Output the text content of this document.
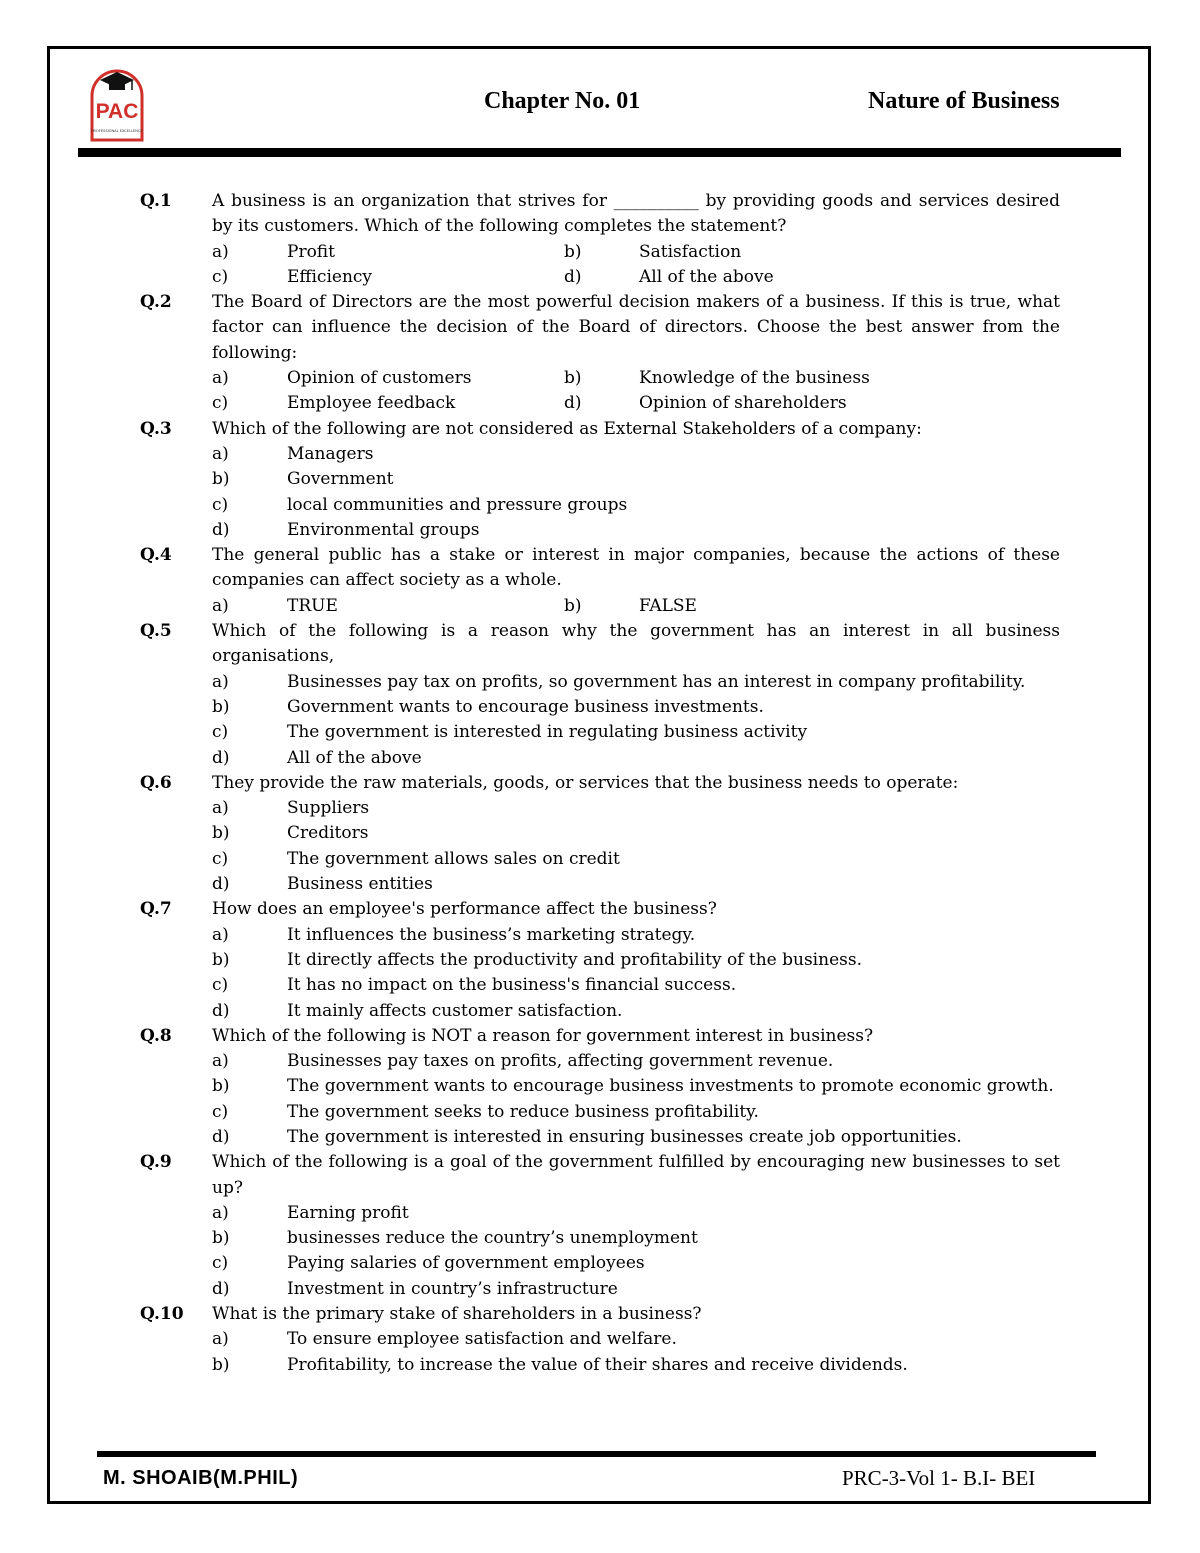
PAC
PROFESSIONAL EXCELLENCE
Chapter No. 01	Nature of Business
Q.1	A business is an organization that strives for __________ by providing goods and services desired by its customers. Which of the following completes the statement?
a)	Profit	b)	Satisfaction
c)	Efficiency	d)	All of the above
Q.2	The Board of Directors are the most powerful decision makers of a business. If this is true, what factor can influence the decision of the Board of directors. Choose the best answer from the following:
a)	Opinion of customers	b)	Knowledge of the business
c)	Employee feedback	d)	Opinion of shareholders
Q.3	Which of the following are not considered as External Stakeholders of a company:
a)	Managers
b)	Government
c)	local communities and pressure groups
d)	Environmental groups
Q.4	The general public has a stake or interest in major companies, because the actions of these companies can affect society as a whole.
a)	TRUE	b)	FALSE
Q.5	Which of the following is a reason why the government has an interest in all business organisations,
a)	Businesses pay tax on profits, so government has an interest in company profitability.
b)	Government wants to encourage business investments.
c)	The government is interested in regulating business activity
d)	All of the above
Q.6	They provide the raw materials, goods, or services that the business needs to operate:
a)	Suppliers
b)	Creditors
c)	The government allows sales on credit
d)	Business entities
Q.7	How does an employee's performance affect the business?
a)	It influences the business’s marketing strategy.
b)	It directly affects the productivity and profitability of the business.
c)	It has no impact on the business's financial success.
d)	It mainly affects customer satisfaction.
Q.8	Which of the following is NOT a reason for government interest in business?
a)	Businesses pay taxes on profits, affecting government revenue.
b)	The government wants to encourage business investments to promote economic growth.
c)	The government seeks to reduce business profitability.
d)	The government is interested in ensuring businesses create job opportunities.
Q.9	Which of the following is a goal of the government fulfilled by encouraging new businesses to set up?
a)	Earning profit
b)	businesses reduce the country’s unemployment
c)	Paying salaries of government employees
d)	Investment in country’s infrastructure
Q.10	What is the primary stake of shareholders in a business?
a)	To ensure employee satisfaction and welfare.
b)	Profitability, to increase the value of their shares and receive dividends.
M. SHOAIB(M.PHIL)	PRC-3-Vol 1- B.I- BEI
